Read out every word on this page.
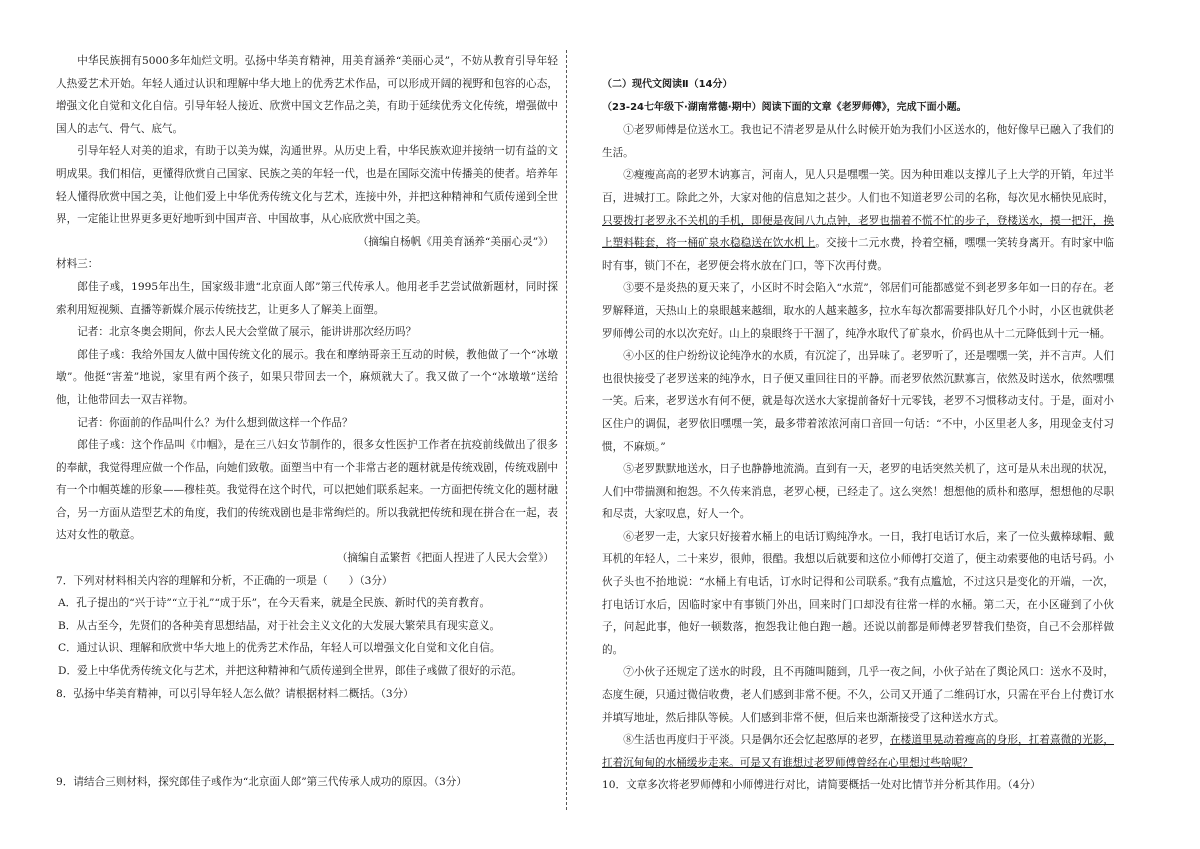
中华民族拥有5000多年灿烂文明。弘扬中华美育精神，用美育涵养“美丽心灵”，不妨从教育引导年轻人热爱艺术开始。年轻人通过认识和理解中华大地上的优秀艺术作品，可以形成开阔的视野和包容的心态，增强文化自觉和文化自信。引导年轻人接近、欣赏中国文艺作品之美，有助于延续优秀文化传统，增强做中国人的志气、骨气、底气。

引导年轻人对美的追求，有助于以美为媒，沟通世界。从历史上看，中华民族欢迎并接纳一切有益的文明成果。我们相信，更懂得欣赏自己国家、民族之美的年轻一代，也是在国际交流中传播美的使者。培养年轻人懂得欣赏中国之美，让他们爱上中华优秀传统文化与艺术，连接中外，并把这种精神和气质传递到全世界，一定能让世界更多更好地听到中国声音、中国故事，从心底欣赏中国之美。

（摘编自杨帆《用美育涵养“美丽心灵”》）

材料三：

郎佳子彧，1995年出生，国家级非遗“北京面人郎”第三代传承人。他用老手艺尝试做新题材，同时探索利用短视频、直播等新媒介展示传统技艺，让更多人了解美上面塑。

记者：北京冬奥会期间，你去人民大会堂做了展示，能讲讲那次经历吗？

郎佳子彧：我给外国友人做中国传统文化的展示。我在和摩纳哥亲王互动的时候，教他做了一个“冰墩墩”。他挺“害羞”地说，家里有两个孩子，如果只带回去一个，麻烦就大了。我又做了一个“冰墩墩”送给他，让他带回去一双吉祥物。

记者：你面前的作品叫什么？为什么想到做这样一个作品？

郎佳子彧：这个作品叫《巾帼》，是在三八妇女节制作的，很多女性医护工作者在抗疫前线做出了很多的奉献，我觉得理应做一个作品，向她们致敬。面塑当中有一个非常古老的题材就是传统戏剧，传统戏剧中有一个巾帼英雄的形象——穆桂英。我觉得在这个时代，可以把她们联系起来。一方面把传统文化的题材融合，另一方面从造型艺术的角度，我们的传统戏剧也是非常绚烂的。所以我就把传统和现在拼合在一起，表达对女性的敬意。

（摘编自孟繁哲《把面人捏进了人民大会堂》）

7．下列对材料相关内容的理解和分析，不正确的一项是（　　）（3分）

A．孔子提出的“兴于诗”“立于礼”“成于乐”，在今天看来，就是全民族、新时代的美育教育。

B．从古至今，先贤们的各种美育思想结晶，对于社会主义文化的大发展大繁荣具有现实意义。

C．通过认识、理解和欣赏中华大地上的优秀艺术作品，年轻人可以增强文化自觉和文化自信。

D．爱上中华优秀传统文化与艺术，并把这种精神和气质传递到全世界，郎佳子彧做了很好的示范。

8．弘扬中华美育精神，可以引导年轻人怎么做？请根据材料二概括。（3分）

9．请结合三则材料，探究郎佳子彧作为“北京面人郎”第三代传承人成功的原因。（3分）

（二）现代文阅读Ⅱ（14分）

（23-24七年级下·湖南常德·期中）阅读下面的文章《老罗师傅》，完成下面小题。

①老罗师傅是位送水工。我也记不清老罗是从什么时候开始为我们小区送水的，他好像早已融入了我们的生活。

②瘦瘦高高的老罗木讷寡言，河南人，见人只是嘿嘿一笑。因为种田难以支撑儿子上大学的开销，年过半百，进城打工。除此之外，大家对他的信息知之甚少。人们也不知道老罗公司的名称，每次见水桶快见底时，只要拨打老罗永不关机的手机，即便是夜间八九点钟，老罗也揣着不慌不忙的步子，登楼送水，摸一把汗，换上塑料鞋套，将一桶矿泉水稳稳送在饮水机上。交接十二元水费，拎着空桶，嘿嘿一笑转身离开。有时家中临时有事，锁门不在，老罗便会将水放在门口，等下次再付费。

③要不是炎热的夏天来了，小区时不时会陷入“水荒”，邻居们可能都感觉不到老罗多年如一日的存在。老罗解释道，天热山上的泉眼越来越细，取水的人越来越多，拉水车每次都需要排队好几个小时，小区也就供老罗师傅公司的水以次充好。山上的泉眼终于干涸了，纯净水取代了矿泉水，价码也从十二元降低到十元一桶。

④小区的住户纷纷议论纯净水的水质，有沉淀了，出异味了。老罗听了，还是嘿嘿一笑，并不言声。人们也很快接受了老罗送来的纯净水，日子便又重回往日的平静。而老罗依然沉默寡言，依然及时送水，依然嘿嘿一笑。后来，老罗送水有何不便，就是每次送水大家提前备好十元零钱，老罗不习惯移动支付。于是，面对小区住户的调侃，老罗依旧嘿嘿一笑，最多带着浓浓河南口音回一句话：“不中，小区里老人多，用现金支付习惯，不麻烦。”

⑤老罗默默地送水，日子也静静地流淌。直到有一天，老罗的电话突然关机了，这可是从未出现的状况，人们中带揣测和抱怨。不久传来消息，老罗心梗，已经走了。这么突然！想想他的质朴和憨厚，想想他的尽职和尽责，大家叹息，好人一个。

⑥老罗一走，大家只好接着水桶上的电话订购纯净水。一日，我打电话订水后，来了一位头戴棒球帽、戴耳机的年轻人，二十来岁，很帅，很酷。我想以后就要和这位小师傅打交道了，便主动索要他的电话号码。小伙子头也不抬地说：“水桶上有电话，订水时记得和公司联系。”我有点尴尬，不过这只是变化的开端，一次，打电话订水后，因临时家中有事锁门外出，回来时门口却没有往常一样的水桶。第二天，在小区碰到了小伙子，问起此事，他好一顿数落，抱怨我让他白跑一趟。还说以前都是师傅老罗替我们垫资，自己不会那样做的。

⑦小伙子还规定了送水的时段，且不再随叫随到，几乎一夜之间，小伙子站在了舆论风口：送水不及时，态度生硬，只通过微信收费，老人们感到非常不便。不久，公司又开通了二维码订水，只需在平台上付费订水并填写地址，然后排队等候。人们感到非常不便，但后来也渐渐接受了这种送水方式。

⑧生活也再度归于平淡。只是偶尔还会忆起憨厚的老罗，在楼道里晃动着瘦高的身形，扛着熹微的光影，扛着沉甸甸的水桶缓步走来。可是又有谁想过老罗师傅曾经在心里想过些啥呢？

10．文章多次将老罗师傅和小师傅进行对比，请简要概括一处对比情节并分析其作用。（4分）
